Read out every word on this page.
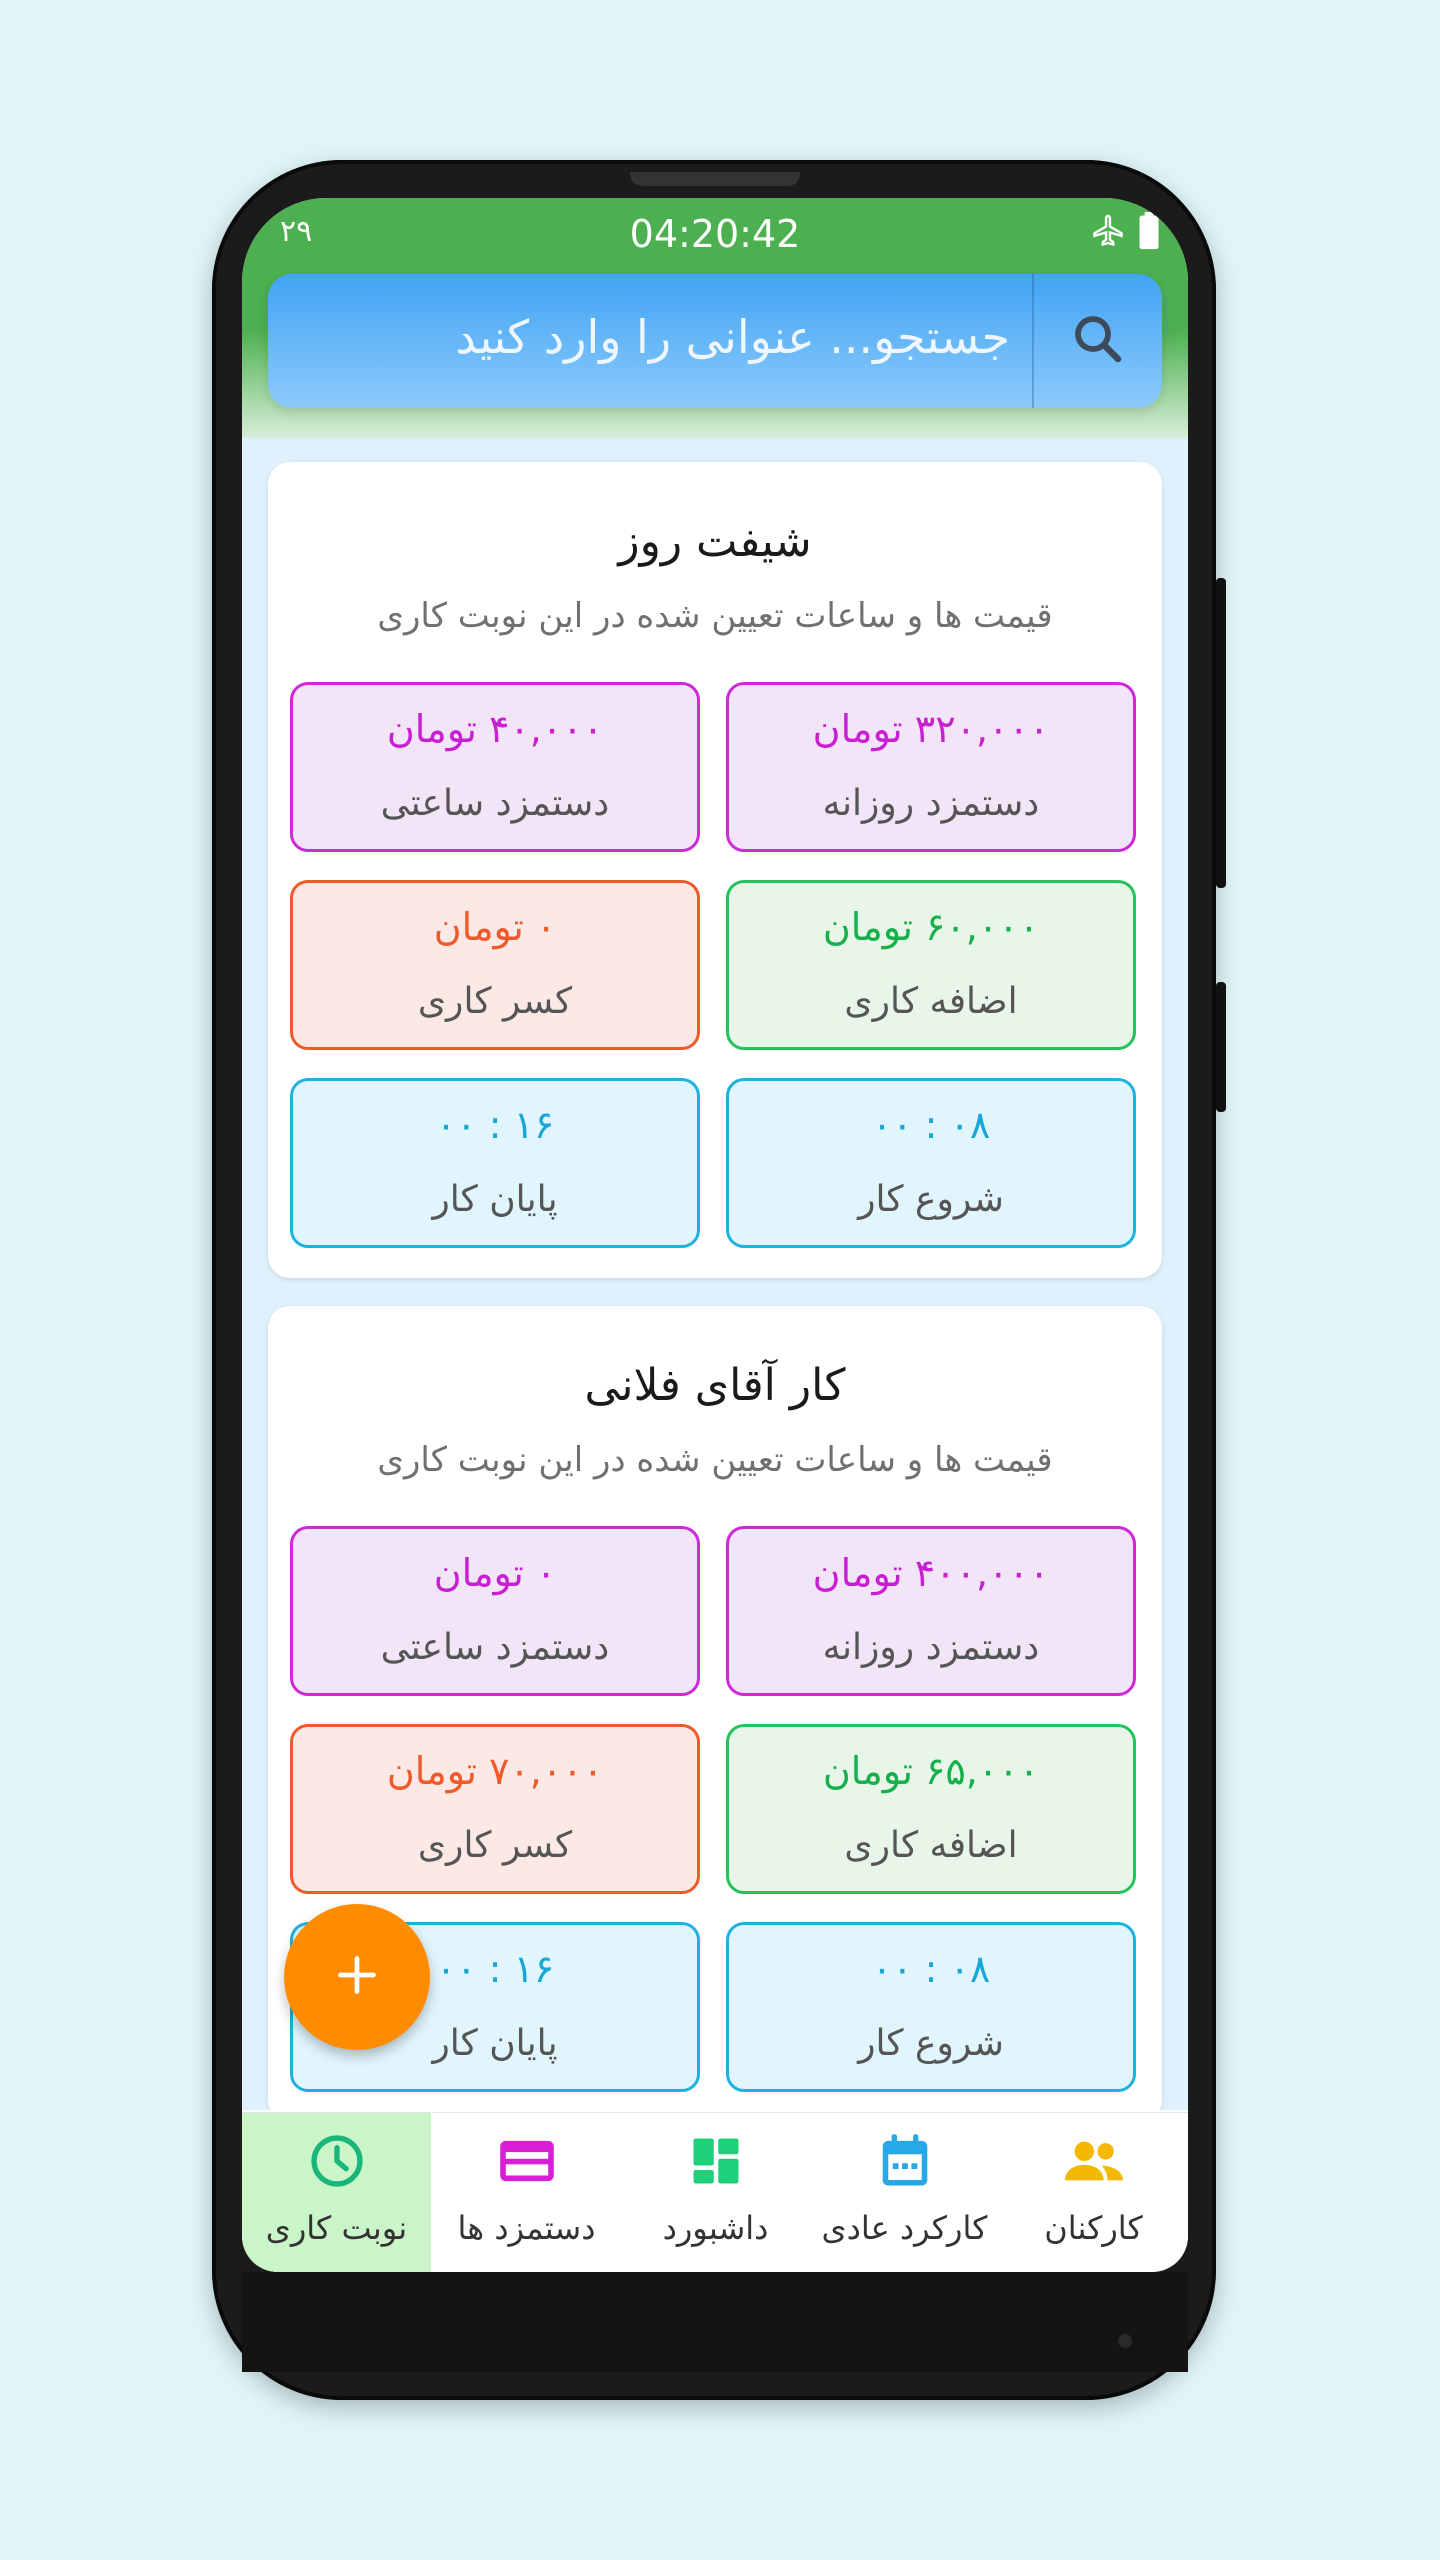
۲۹	04:20:42
جستجو... عنوانی را وارد کنید
شیفت روز
قیمت ها و ساعات تعیین شده در این نوبت کاری
۳۲۰,۰۰۰ تومان
دستمزد روزانه
۴۰,۰۰۰ تومان
دستمزد ساعتی
۶۰,۰۰۰ تومان
اضافه کاری
۰ تومان
کسر کاری
۰۸ : ۰۰
شروع کار
۱۶ : ۰۰
پایان کار
کار آقای فلانی
قیمت ها و ساعات تعیین شده در این نوبت کاری
۴۰۰,۰۰۰ تومان
دستمزد روزانه
۰ تومان
دستمزد ساعتی
۶۵,۰۰۰ تومان
اضافه کاری
۷۰,۰۰۰ تومان
کسر کاری
۰۸ : ۰۰
شروع کار
۱۶ : ۰۰
پایان کار
کارکنان
کارکرد عادی
داشبورد
دستمزد ها
نوبت کاری
